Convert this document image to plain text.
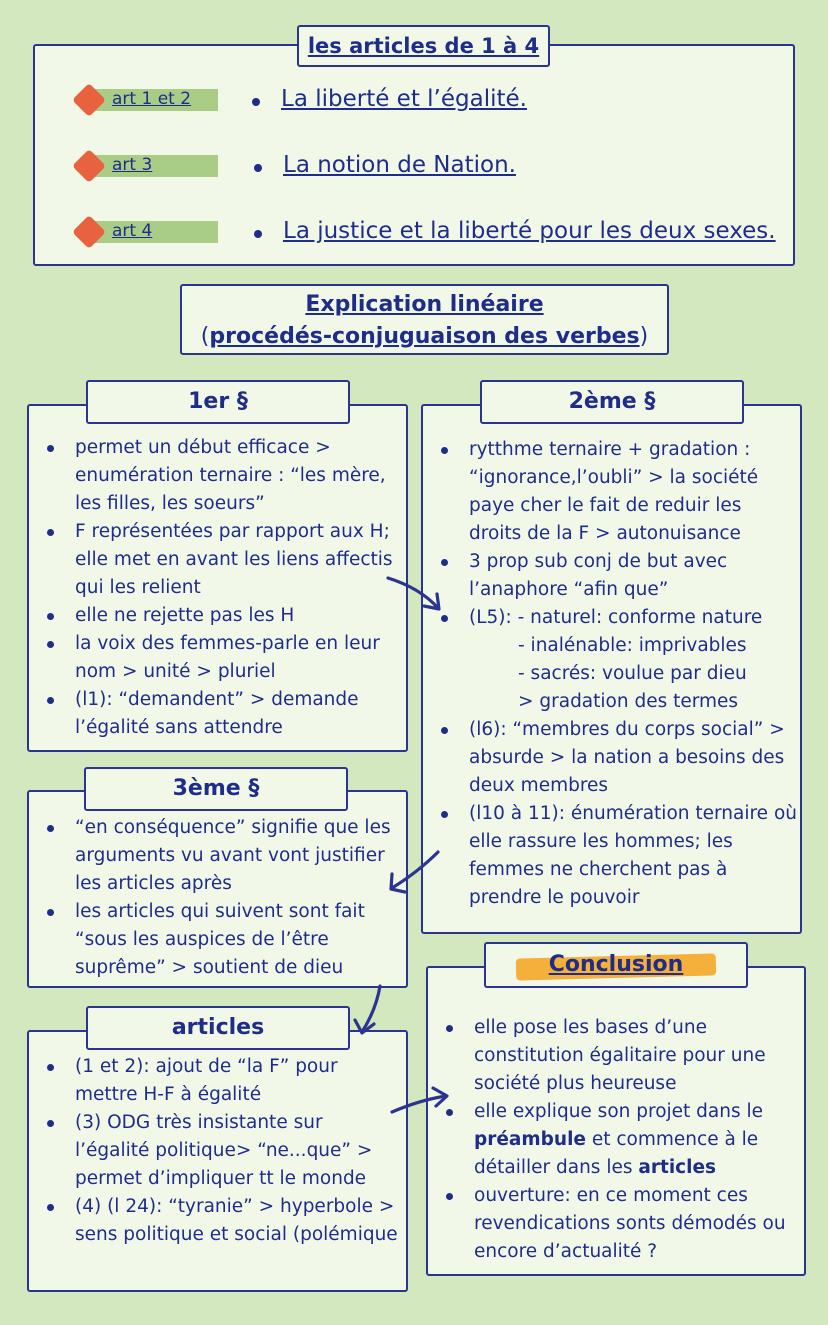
les articles de 1 à 4
art 1 et 2	La liberté et l’égalité.
art 3	La notion de Nation.
art 4	La justice et la liberté pour les deux sexes.
Explication linéaire
(procédés-conjuguaison des verbes)
permet un début efficace > enumération ternaire : “les mère, les filles, les soeurs”
F représentées par rapport aux H; elle met en avant les liens affectis qui les relient
elle ne rejette pas les H
la voix des femmes-parle en leur nom > unité > pluriel
(l1): “demandent” > demande l’égalité sans attendre
1er §
rytthme ternaire + gradation : “ignorance,l’oubli” > la société paye cher le fait de reduir les droits de la F > autonuisance
3 prop sub conj de but avec l’anaphore “afin que”
(L5): - naturel: conforme nature
- inalénable: imprivables
- sacrés: voulue par dieu
> gradation des termes
(l6): “membres du corps social” > absurde > la nation a besoins des deux membres
(l10 à 11): énumération ternaire où elle rassure les hommes; les femmes ne cherchent pas à prendre le pouvoir
2ème §
“en conséquence” signifie que les arguments vu avant vont justifier les articles après
les articles qui suivent sont fait “sous les auspices de l’être suprême” > soutient de dieu
3ème §
(1 et 2): ajout de “la F” pour mettre H-F à égalité
(3) ODG très insistante sur l’égalité politique> “ne...que” > permet d’impliquer tt le monde
(4) (l 24): “tyranie” > hyperbole > sens politique et social (polémique
articles	elle pose les bases d’une constitution égalitaire pour une société plus heureuse
elle explique son projet dans le préambule et commence à le détailler dans les articles
ouverture: en ce moment ces revendications sonts démodés ou encore d’actualité ?
Conclusion
